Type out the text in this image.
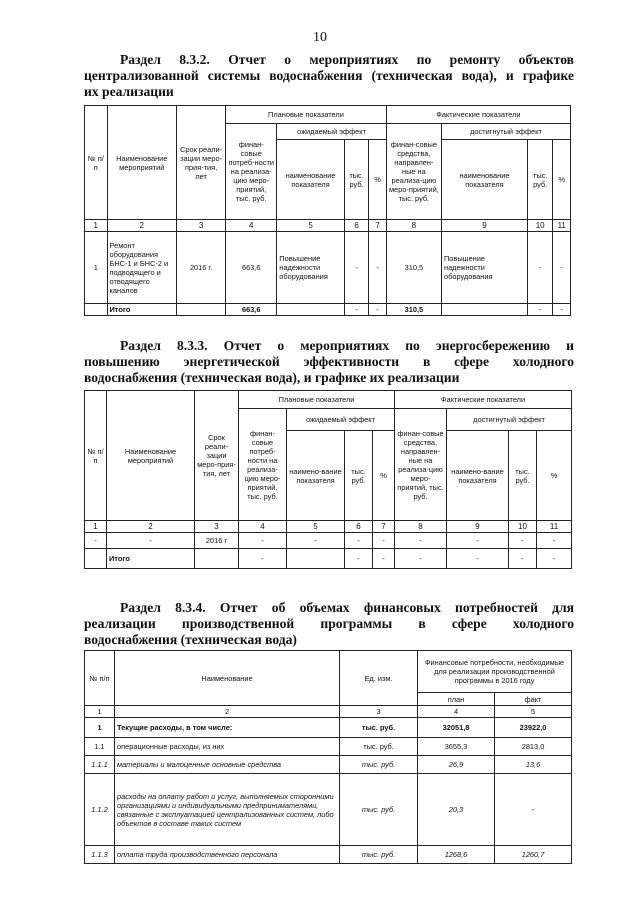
10
Раздел 8.3.2. Отчет о мероприятиях по ремонту объектов
централизованной системы водоснабжения (техническая вода), и графике
их реализации
№ п/п	Наименование мероприятий	Срок реали-зации меро-прия-тия, лет	Плановые показатели				Фактические показатели			
			финан-совые потреб-ности на реализа-цию меро-приятий, тыс. руб.	ожидаемый эффект			финан-совые средства, направлен-ные на реализа-цию меро-приятий, тыс. руб.	достигнутый эффект		
				наименование показателя	тыс. руб.	%		наименование показателя	тыс. руб.	%
1	2	3	4	5	6	7	8	9	10	11
1	Ремонт оборудования БНС-1 и БНС-2 и подводящего и отводящего каналов	2016 г.	663,6	Повышение надежности оборудования	-	-	310,5	Повышение надежности оборудования	-	-
	Итого		663,6		-	-	310,5		-	-
Раздел 8.3.3. Отчет о мероприятиях по энергосбережению и
повышению энергетической эффективности в сфере холодного
водоснабжения (техническая вода), и графике их реализации
№ п/п	Наименование мероприятий	Срок реали-зации меро-прия-тия, лет	Плановые показатели				Фактические показатели			
			финан-совые потреб-ности на реализа-цию меро-приятий, тыс. руб.	ожидаемый эффект			финан-совые средства, направлен-ные на реализа-цию меро-приятий, тыс. руб.	достигнутый эффект		
				наимено-вание показателя	тыс. руб.	%		наимено-вание показателя	тыс. руб.	%
1	2	3	4	5	6	7	8	9	10	11
-	-	2016 г	-	-	-	-	-	-	-	-
	Итого		-		-	-	-	-	-	-
Раздел 8.3.4. Отчет об объемах финансовых потребностей для
реализации производственной программы в сфере холодного
водоснабжения (техническая вода)
№ п/п	Наименование	Ед. изм.	Финансовые потребности, необходимые для реализации производственной программы в 2016 году	
			план	факт
1	2	3	4	5
1	Текущие расходы, в том числе:	тыс. руб.	32051,8	23922,0
1.1	операционные расходы, из них	тыс. руб.	3655,3	2813,0
1.1.1	материалы и малоценные основные средства	тыс. руб.	26,9	13,6
1.1.2	расходы на оплату работ и услуг, выполняемых сторонними организациями и индивидуальными предпринимателями, связанные с эксплуатацией централизованных систем, либо объектов в составе таких систем	тыс. руб.	20,3	-
1.1.3	оплата труда производственного персонала	тыс. руб.	1268,6	1260,7
